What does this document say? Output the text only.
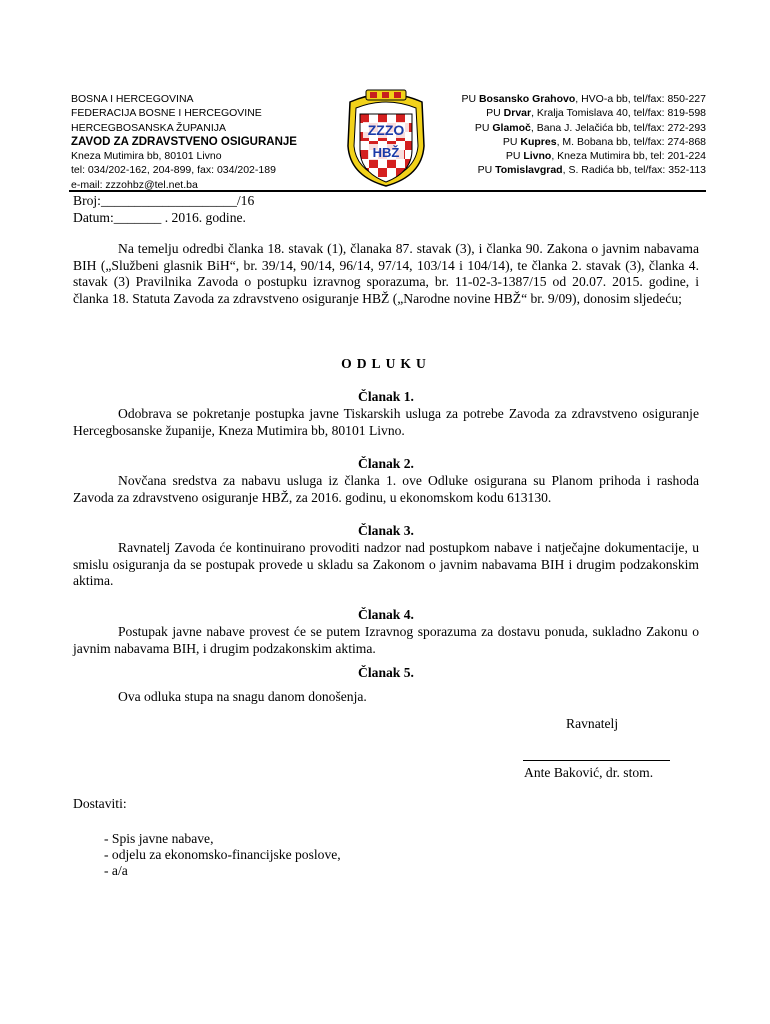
BOSNA I HERCEGOVINA
FEDERACIJA BOSNE I HERCEGOVINE
HERCEGBOSANSKA ŽUPANIJA
ZAVOD ZA ZDRAVSTVENO OSIGURANJE
Kneza Mutimira bb, 80101 Livno
tel: 034/202-162, 204-899, fax: 034/202-189
e-mail: zzzohbz@tel.net.ba
ZZZO
HBŽ
PU Bosansko Grahovo, HVO-a bb, tel/fax: 850-227
PU Drvar, Kralja Tomislava 40, tel/fax: 819-598
PU Glamoč, Bana J. Jelačića bb, tel/fax: 272-293
PU Kupres, M. Bobana bb, tel/fax: 274-868
PU Livno, Kneza Mutimira bb, tel: 201-224
PU Tomislavgrad, S. Radića bb, tel/fax: 352-113
Broj:____________________/16
Datum:_______ . 2016. godine.
Na temelju odredbi članka 18. stavak (1), članaka 87. stavak (3), i članka 90. Zakona o javnim nabavama BIH („Službeni glasnik BiH“, br. 39/14, 90/14, 96/14, 97/14, 103/14 i 104/14), te članka 2. stavak (3), članka 4. stavak (3) Pravilnika Zavoda o postupku izravnog sporazuma, br. 11-02-3-1387/15 od 20.07. 2015. godine, i članka 18. Statuta Zavoda za zdravstveno osiguranje HBŽ („Narodne novine HBŽ“ br. 9/09), donosim sljedeću;
ODLUKU
Članak 1.
Odobrava se pokretanje postupka javne Tiskarskih usluga za potrebe Zavoda za zdravstveno osiguranje Hercegbosanske županije, Kneza Mutimira bb, 80101 Livno.
Članak 2.
Novčana sredstva za nabavu usluga iz članka 1. ove Odluke osigurana su Planom prihoda i rashoda Zavoda za zdravstveno osiguranje HBŽ, za 2016. godinu, u ekonomskom kodu 613130.
Članak 3.
Ravnatelj Zavoda će kontinuirano provoditi nadzor nad postupkom nabave i natječajne dokumentacije, u smislu osiguranja da se postupak provede u skladu sa Zakonom o javnim nabavama BIH i drugim podzakonskim aktima.
Članak 4.
Postupak javne nabave provest će se putem Izravnog sporazuma za dostavu ponuda, sukladno Zakonu o javnim nabavama BIH, i drugim podzakonskim aktima.
Članak 5.
Ova odluka stupa na snagu danom donošenja.
Ravnatelj
Ante Baković, dr. stom.
Dostaviti:
- Spis javne nabave,
- odjelu za ekonomsko-financijske poslove,
- a/a
